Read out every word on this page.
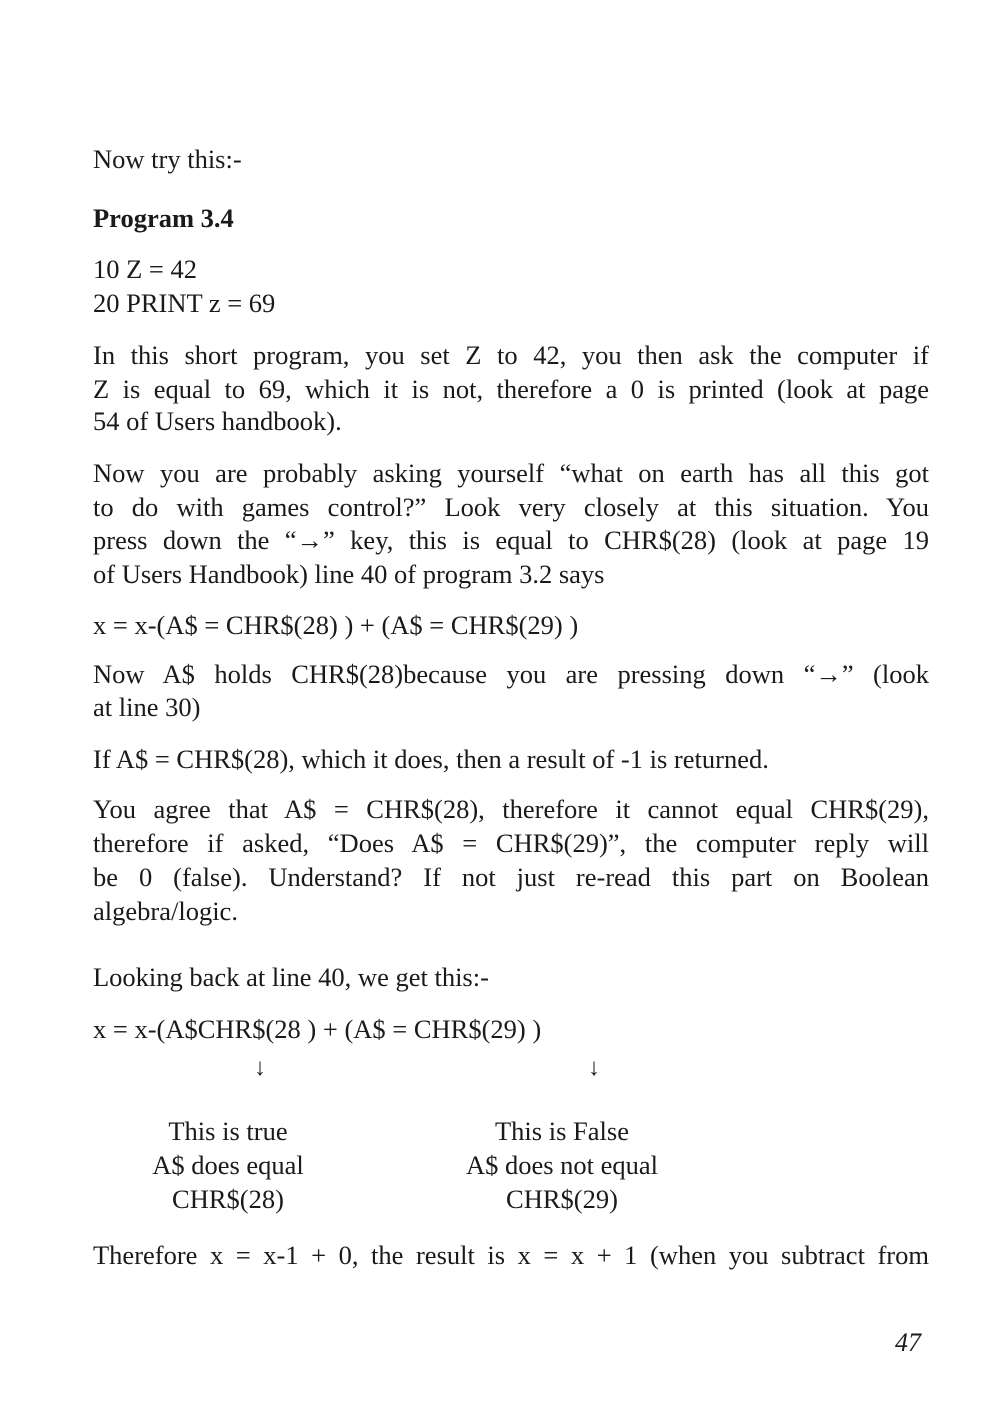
Now try this:-
Program 3.4
10 Z = 42
20 PRINT z = 69
In this short program, you set Z to 42, you then ask the computer if
Z is equal to 69, which it is not, therefore a 0 is printed (look at page
54 of Users handbook).
Now you are probably asking yourself “what on earth has all this got
to do with games control?” Look very closely at this situation. You
press down the “→” key, this is equal to CHR$(28) (look at page 19
of Users Handbook) line 40 of program 3.2 says
x = x-(A$ = CHR$(28) ) + (A$ = CHR$(29) )
Now A$ holds CHR$(28)because you are pressing down “→” (look
at line 30)
If A$ = CHR$(28), which it does, then a result of -1 is returned.
You agree that A$ = CHR$(28), therefore it cannot equal CHR$(29),
therefore if asked, “Does A$ = CHR$(29)”, the computer reply will
be 0 (false). Understand? If not just re-read this part on Boolean
algebra/logic.
Looking back at line 40, we get this:-
x = x-(A$CHR$(28 ) + (A$ = CHR$(29) )
↓	↓
This is true
A$ does equal
CHR$(28)
This is False
A$ does not equal
CHR$(29)
Therefore x = x-1 + 0, the result is x = x + 1 (when you subtract from
47
